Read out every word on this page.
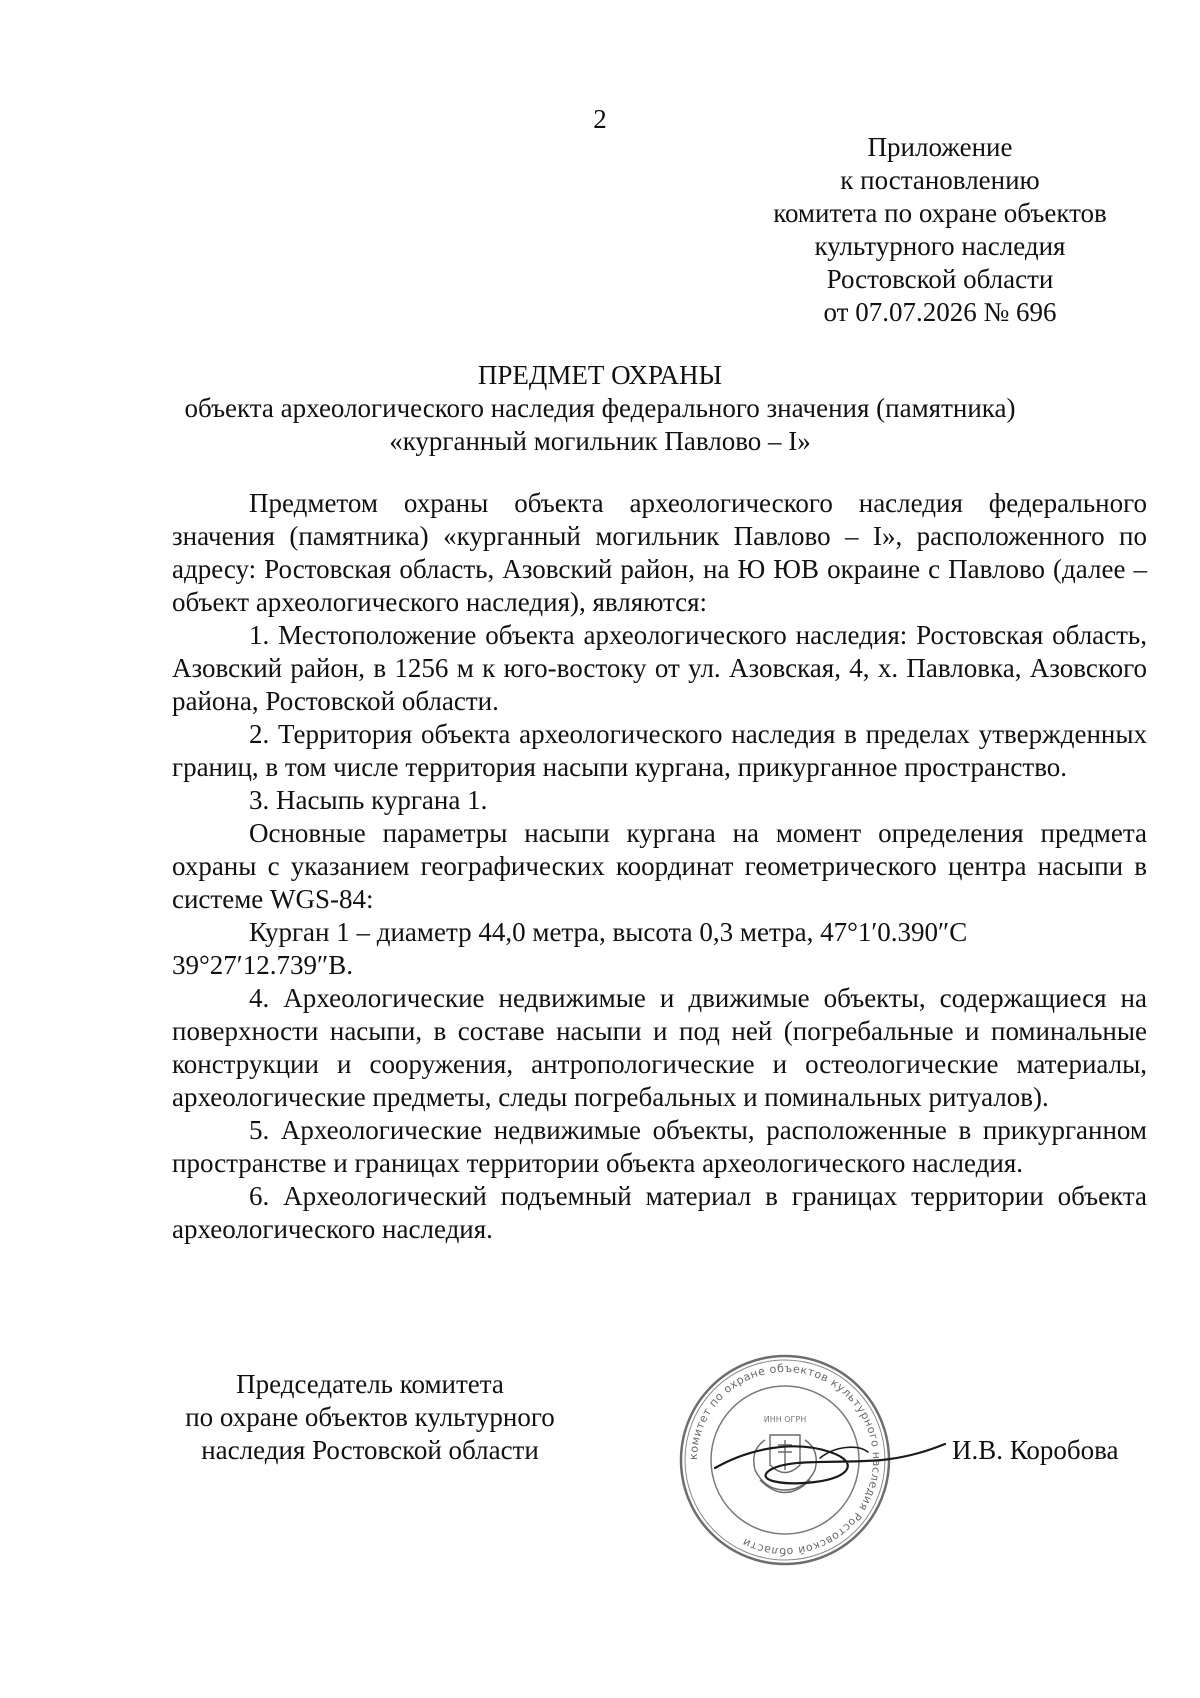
2
Приложение
к постановлению
комитета по охране объектов
культурного наследия
Ростовской области
от 07.07.2026 № 696
ПРЕДМЕТ ОХРАНЫ
объекта археологического наследия федерального значения (памятника)
«курганный могильник Павлово – I»

Предметом охраны объекта археологического наследия федерального значения (памятника) «курганный могильник Павлово – I», расположенного по адресу: Ростовская область, Азовский район, на Ю ЮВ окраине с Павлово (далее – объект археологического наследия), являются:

1. Местоположение объекта археологического наследия: Ростовская область, Азовский район, в 1256 м к юго-востоку от ул. Азовская, 4, х. Павловка, Азовского района, Ростовской области.

2. Территория объекта археологического наследия в пределах утвержденных границ, в том числе территория насыпи кургана, прикурганное пространство.

3. Насыпь кургана 1.

Основные параметры насыпи кургана на момент определения предмета охраны с указанием географических координат геометрического центра насыпи в системе WGS-84:

Курган 1 – диаметр 44,0 метра, высота 0,3 метра, 47°1′0.390″С 39°27′12.739″В.

4. Археологические недвижимые и движимые объекты, содержащиеся на поверхности насыпи, в составе насыпи и под ней (погребальные и поминальные конструкции и сооружения, антропологические и остеологические материалы, археологические предметы, следы погребальных и поминальных ритуалов).

5. Археологические недвижимые объекты, расположенные в прикурганном пространстве и границах территории объекта археологического наследия.

6. Археологический подъемный материал в границах территории объекта археологического наследия.

Председатель комитета
по охране объектов культурного
наследия Ростовской области	комитет по охране объектов культурного наследия Ростовской области
ИНН ОГРН
И.В. Коробова
